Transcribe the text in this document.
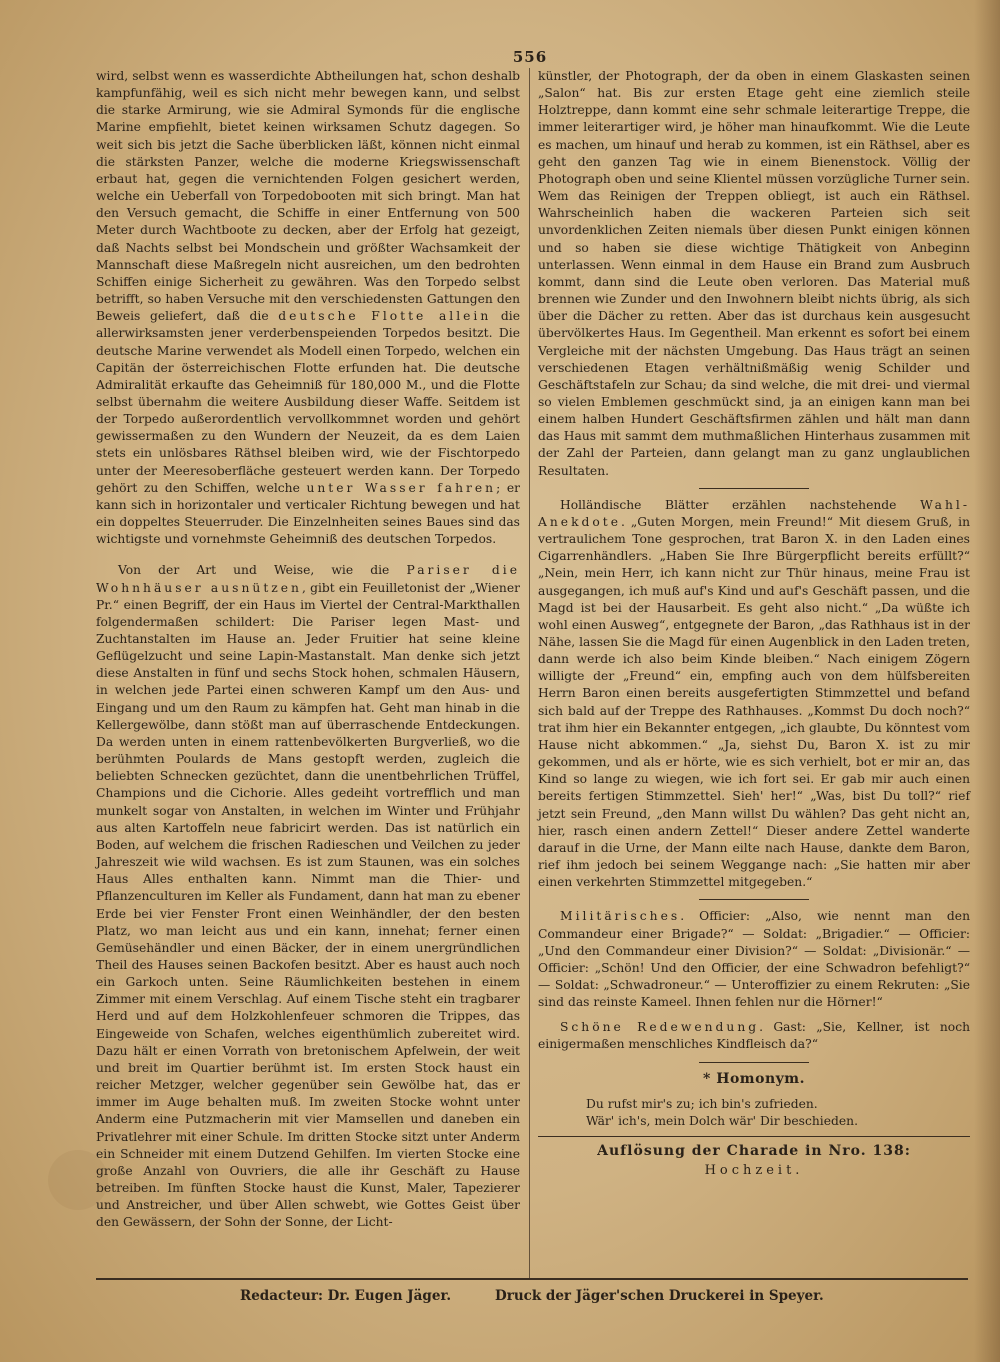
556

wird, selbst wenn es wasserdichte Abtheilungen hat, schon deshalb kampfunfähig, weil es sich nicht mehr bewegen kann, und selbst die starke Armirung, wie sie Admiral Symonds für die englische Marine empfiehlt, bietet keinen wirksamen Schutz dagegen. So weit sich bis jetzt die Sache überblicken läßt, können nicht einmal die stärksten Panzer, welche die moderne Kriegswissenschaft erbaut hat, gegen die vernichtenden Folgen gesichert werden, welche ein Ueberfall von Torpedobooten mit sich bringt. Man hat den Versuch gemacht, die Schiffe in einer Entfernung von 500 Meter durch Wachtboote zu decken, aber der Erfolg hat gezeigt, daß Nachts selbst bei Mondschein und größter Wachsamkeit der Mannschaft diese Maßregeln nicht ausreichen, um den bedrohten Schiffen einige Sicherheit zu gewähren. Was den Torpedo selbst betrifft, so haben Versuche mit den verschiedensten Gattungen den Beweis geliefert, daß die deutsche Flotte allein die allerwirksamsten jener verderbenspeienden Torpedos besitzt. Die deutsche Marine verwendet als Modell einen Torpedo, welchen ein Capitän der österreichischen Flotte erfunden hat. Die deutsche Admiralität erkaufte das Geheimniß für 180,000 M., und die Flotte selbst übernahm die weitere Ausbildung dieser Waffe. Seitdem ist der Torpedo außerordentlich vervollkommnet worden und gehört gewissermaßen zu den Wundern der Neuzeit, da es dem Laien stets ein unlösbares Räthsel bleiben wird, wie der Fischtorpedo unter der Meeresoberfläche gesteuert werden kann. Der Torpedo gehört zu den Schiffen, welche unter Wasser fahren; er kann sich in horizontaler und verticaler Richtung bewegen und hat ein doppeltes Steuerruder. Die Einzelnheiten seines Baues sind das wichtigste und vornehmste Geheimniß des deutschen Torpedos.

Von der Art und Weise, wie die Pariser die Wohnhäuser ausnützen, gibt ein Feuilletonist der „Wiener Pr.“ einen Begriff, der ein Haus im Viertel der Central-Markthallen folgendermaßen schildert: Die Pariser legen Mast- und Zuchtanstalten im Hause an. Jeder Fruitier hat seine kleine Geflügelzucht und seine Lapin-Mastanstalt. Man denke sich jetzt diese Anstalten in fünf und sechs Stock hohen, schmalen Häusern, in welchen jede Partei einen schweren Kampf um den Aus- und Eingang und um den Raum zu kämpfen hat. Geht man hinab in die Kellergewölbe, dann stößt man auf überraschende Entdeckungen. Da werden unten in einem rattenbevölkerten Burgverließ, wo die berühmten Poulards de Mans gestopft werden, zugleich die beliebten Schnecken gezüchtet, dann die unentbehrlichen Trüffel, Champions und die Cichorie. Alles gedeiht vortrefflich und man munkelt sogar von Anstalten, in welchen im Winter und Frühjahr aus alten Kartoffeln neue fabricirt werden. Das ist natürlich ein Boden, auf welchem die frischen Radieschen und Veilchen zu jeder Jahreszeit wie wild wachsen. Es ist zum Staunen, was ein solches Haus Alles enthalten kann. Nimmt man die Thier- und Pflanzenculturen im Keller als Fundament, dann hat man zu ebener Erde bei vier Fenster Front einen Weinhändler, der den besten Platz, wo man leicht aus und ein kann, innehat; ferner einen Gemüsehändler und einen Bäcker, der in einem unergründlichen Theil des Hauses seinen Backofen besitzt. Aber es haust auch noch ein Garkoch unten. Seine Räumlichkeiten bestehen in einem Zimmer mit einem Verschlag. Auf einem Tische steht ein tragbarer Herd und auf dem Holzkohlenfeuer schmoren die Trippes, das Eingeweide von Schafen, welches eigenthümlich zubereitet wird. Dazu hält er einen Vorrath von bretonischem Apfelwein, der weit und breit im Quartier berühmt ist. Im ersten Stock haust ein reicher Metzger, welcher gegenüber sein Gewölbe hat, das er immer im Auge behalten muß. Im zweiten Stocke wohnt unter Anderm eine Putzmacherin mit vier Mamsellen und daneben ein Privatlehrer mit einer Schule. Im dritten Stocke sitzt unter Anderm ein Schneider mit einem Dutzend Gehilfen. Im vierten Stocke eine große Anzahl von Ouvriers, die alle ihr Geschäft zu Hause betreiben. Im fünften Stocke haust die Kunst, Maler, Tapezierer und Anstreicher, und über Allen schwebt, wie Gottes Geist über den Gewässern, der Sohn der Sonne, der Licht-

künstler, der Photograph, der da oben in einem Glaskasten seinen „Salon“ hat. Bis zur ersten Etage geht eine ziemlich steile Holztreppe, dann kommt eine sehr schmale leiterartige Treppe, die immer leiterartiger wird, je höher man hinaufkommt. Wie die Leute es machen, um hinauf und herab zu kommen, ist ein Räthsel, aber es geht den ganzen Tag wie in einem Bienenstock. Völlig der Photograph oben und seine Klientel müssen vorzügliche Turner sein. Wem das Reinigen der Treppen obliegt, ist auch ein Räthsel. Wahrscheinlich haben die wackeren Parteien sich seit unvordenklichen Zeiten niemals über diesen Punkt einigen können und so haben sie diese wichtige Thätigkeit von Anbeginn unterlassen. Wenn einmal in dem Hause ein Brand zum Ausbruch kommt, dann sind die Leute oben verloren. Das Material muß brennen wie Zunder und den Inwohnern bleibt nichts übrig, als sich über die Dächer zu retten. Aber das ist durchaus kein ausgesucht übervölkertes Haus. Im Gegentheil. Man erkennt es sofort bei einem Vergleiche mit der nächsten Umgebung. Das Haus trägt an seinen verschiedenen Etagen verhältnißmäßig wenig Schilder und Geschäftstafeln zur Schau; da sind welche, die mit drei- und viermal so vielen Emblemen geschmückt sind, ja an einigen kann man bei einem halben Hundert Geschäftsfirmen zählen und hält man dann das Haus mit sammt dem muthmaßlichen Hinterhaus zusammen mit der Zahl der Parteien, dann gelangt man zu ganz unglaublichen Resultaten.

Holländische Blätter erzählen nachstehende Wahl-Anekdote. „Guten Morgen, mein Freund!“ Mit diesem Gruß, in vertraulichem Tone gesprochen, trat Baron X. in den Laden eines Cigarrenhändlers. „Haben Sie Ihre Bürgerpflicht bereits erfüllt?“ „Nein, mein Herr, ich kann nicht zur Thür hinaus, meine Frau ist ausgegangen, ich muß auf's Kind und auf's Geschäft passen, und die Magd ist bei der Hausarbeit. Es geht also nicht.“ „Da wüßte ich wohl einen Ausweg“, entgegnete der Baron, „das Rathhaus ist in der Nähe, lassen Sie die Magd für einen Augenblick in den Laden treten, dann werde ich also beim Kinde bleiben.“ Nach einigem Zögern willigte der „Freund“ ein, empfing auch von dem hülfsbereiten Herrn Baron einen bereits ausgefertigten Stimmzettel und befand sich bald auf der Treppe des Rathhauses. „Kommst Du doch noch?“ trat ihm hier ein Bekannter entgegen, „ich glaubte, Du könntest vom Hause nicht abkommen.“ „Ja, siehst Du, Baron X. ist zu mir gekommen, und als er hörte, wie es sich verhielt, bot er mir an, das Kind so lange zu wiegen, wie ich fort sei. Er gab mir auch einen bereits fertigen Stimmzettel. Sieh' her!“ „Was, bist Du toll?“ rief jetzt sein Freund, „den Mann willst Du wählen? Das geht nicht an, hier, rasch einen andern Zettel!“ Dieser andere Zettel wanderte darauf in die Urne, der Mann eilte nach Hause, dankte dem Baron, rief ihm jedoch bei seinem Weggange nach: „Sie hatten mir aber einen verkehrten Stimmzettel mitgegeben.“

Militärisches. Officier: „Also, wie nennt man den Commandeur einer Brigade?“ — Soldat: „Brigadier.“ — Officier: „Und den Commandeur einer Division?“ — Soldat: „Divisionär.“ — Officier: „Schön! Und den Officier, der eine Schwadron befehligt?“ — Soldat: „Schwadroneur.“ — Unteroffizier zu einem Rekruten: „Sie sind das reinste Kameel. Ihnen fehlen nur die Hörner!“

Schöne Redewendung. Gast: „Sie, Kellner, ist noch einigermaßen menschliches Kindfleisch da?“

* Homonym.
Du rufst mir's zu; ich bin's zufrieden.
Wär' ich's, mein Dolch wär' Dir beschieden.
Auflösung der Charade in Nro. 138:
Hochzeit.
Redacteur: Dr. Eugen Jäger.	Druck der Jäger'schen Druckerei in Speyer.
